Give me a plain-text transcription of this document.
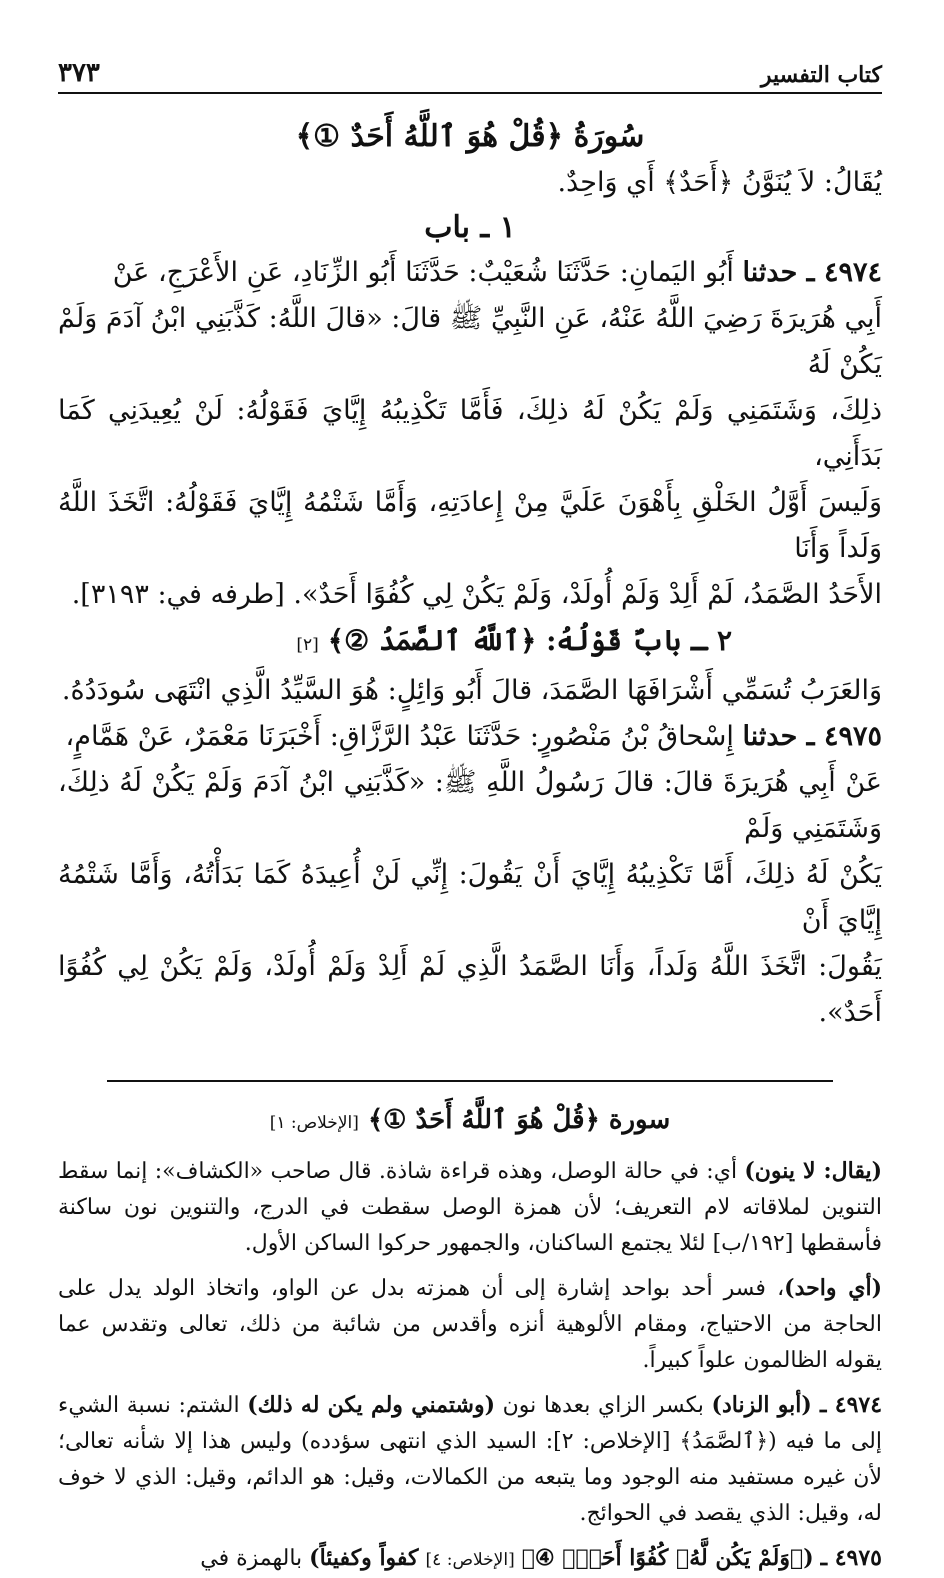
كتاب التفسير
٣٧٣
سُورَةُ ﴿قُلْ هُوَ ٱللَّهُ أَحَدٌ ①﴾
يُقَالُ: لاَ يُنَوَّنُ ﴿أَحَدٌ﴾ أَي وَاحِدٌ.
١ ـ باب
٤٩٧٤ ـ حدثنا أَبُو اليَمانِ: حَدَّثَنَا شُعَيْبٌ: حَدَّثَنَا أَبُو الزِّنَادِ، عَنِ الأَعْرَجِ، عَنْ
أَبِي هُرَيرَةَ رَضِيَ اللَّهُ عَنْهُ، عَنِ النَّبِيِّ ﷺ قالَ: «قالَ اللَّهُ: كَذَّبَنِي ابْنُ آدَمَ وَلَمْ يَكُنْ لَهُ
ذلِكَ، وَشَتَمَنِي وَلَمْ يَكُنْ لَهُ ذلِكَ، فَأَمَّا تَكْذِيبُهُ إِيَّايَ فَقَوْلُهُ: لَنْ يُعِيدَنِي كَمَا بَدَأَنِي،
وَلَيسَ أَوَّلُ الخَلْقِ بِأَهْوَنَ عَلَيَّ مِنْ إِعادَتِهِ، وَأَمَّا شَتْمُهُ إِيَّايَ فَقَوْلُهُ: اتَّخَذَ اللَّهُ وَلَداً وَأَنَا
الأَحَدُ الصَّمَدُ، لَمْ أَلِدْ وَلَمْ أُولَدْ، وَلَمْ يَكُنْ لِي كُفُوًا أَحَدٌ». [طرفه في: ٣١٩٣].
٢ ـ بابٌ قَوْلُهُ: ﴿ٱللَّهُ ٱلصَّمَدُ ②﴾ [٢]
وَالعَرَبُ تُسَمِّي أَشْرَافَهَا الصَّمَدَ، قالَ أَبُو وَائِلٍ: هُوَ السَّيِّدُ الَّذِي انْتَهَى سُودَدُهُ.
٤٩٧٥ ـ حدثنا إِسْحاقُ بْنُ مَنْصُورٍ: حَدَّثَنَا عَبْدُ الرَّزَّاقِ: أَخْبَرَنَا مَعْمَرٌ، عَنْ هَمَّامٍ،
عَنْ أَبِي هُرَيرَةَ قالَ: قالَ رَسُولُ اللَّهِ ﷺ: «كَذَّبَنِي ابْنُ آدَمَ وَلَمْ يَكُنْ لَهُ ذلِكَ، وَشَتَمَنِي وَلَمْ
يَكُنْ لَهُ ذلِكَ، أَمَّا تَكْذِيبُهُ إِيَّايَ أَنْ يَقُولَ: إِنِّي لَنْ أُعِيدَهُ كَمَا بَدَأْتُهُ، وَأَمَّا شَتْمُهُ إِيَّايَ أَنْ
يَقُولَ: اتَّخَذَ اللَّهُ وَلَداً، وَأَنَا الصَّمَدُ الَّذِي لَمْ أَلِدْ وَلَمْ أُولَدْ، وَلَمْ يَكُنْ لِي كُفُوًا أَحَدٌ».
سورة ﴿قُلْ هُوَ ٱللَّهُ أَحَدٌ ①﴾ [الإخلاص: ١]
(يقال: لا ينون) أي: في حالة الوصل، وهذه قراءة شاذة. قال صاحب «الكشاف»: إنما سقط التنوين لملاقاته لام التعريف؛ لأن همزة الوصل سقطت في الدرج، والتنوين نون ساكنة فأسقطها [١٩٢/ب] لئلا يجتمع الساكنان، والجمهور حركوا الساكن الأول.
(أي واحد)، فسر أحد بواحد إشارة إلى أن همزته بدل عن الواو، واتخاذ الولد يدل على الحاجة من الاحتياج، ومقام الألوهية أنزه وأقدس من شائبة من ذلك، تعالى وتقدس عما يقوله الظالمون علواً كبيراً.
٤٩٧٤ ـ (أبو الزناد) بكسر الزاي بعدها نون (وشتمني ولم يكن له ذلك) الشتم: نسبة الشيء إلى ما فيه (﴿ٱلصَّمَدُ﴾ [الإخلاص: ٢]: السيد الذي انتهى سؤدده) وليس هذا إلا شأنه تعالى؛ لأن غيره مستفيد منه الوجود وما يتبعه من الكمالات، وقيل: هو الدائم، وقيل: الذي لا خوف له، وقيل: الذي يقصد في الحوائج.
٤٩٧٥ ـ (﴿وَلَمْ يَكُن لَّهُۥ كُفُوًا أَحَدٌۢ ④﴾ [الإخلاص: ٤] كفواً وكفيئاً) بالهمزة في
